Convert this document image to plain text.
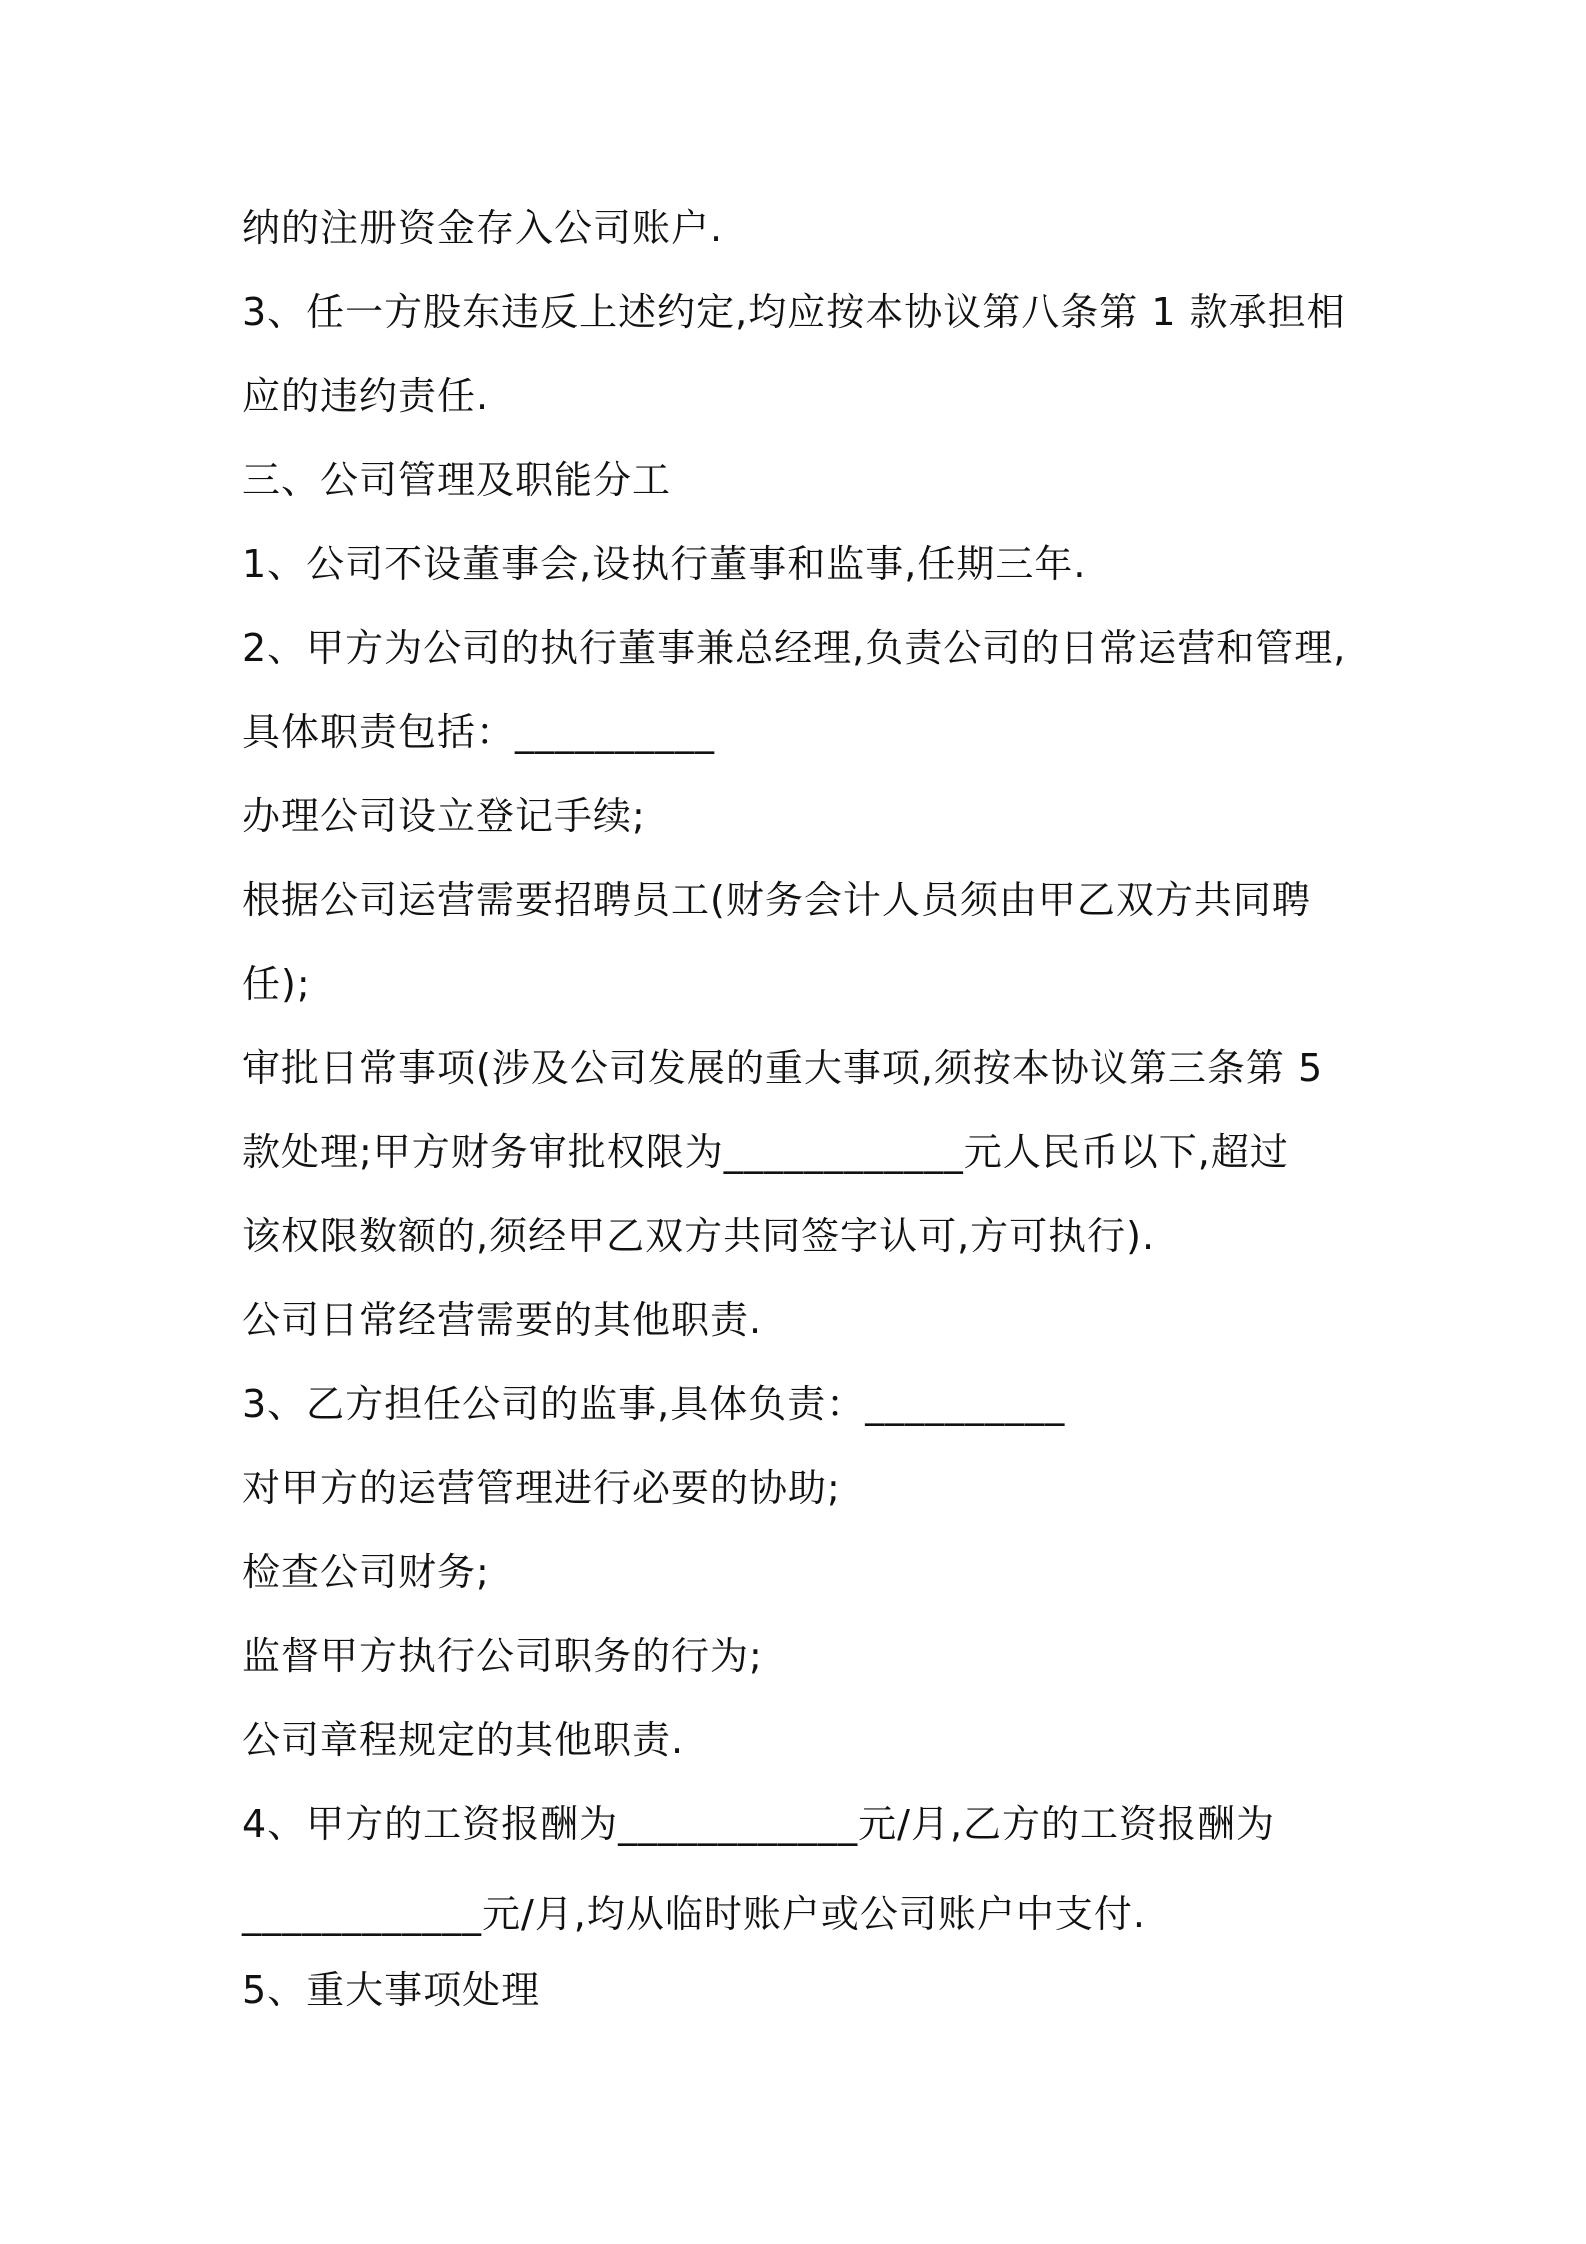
纳的注册资金存入公司账户.

3、任一方股东违反上述约定,均应按本协议第八条第 1 款承担相

应的违约责任.

三、公司管理及职能分工

1、公司不设董事会,设执行董事和监事,任期三年.

2、甲方为公司的执行董事兼总经理,负责公司的日常运营和管理,

具体职责包括：__________

办理公司设立登记手续;

根据公司运营需要招聘员工(财务会计人员须由甲乙双方共同聘

任);

审批日常事项(涉及公司发展的重大事项,须按本协议第三条第 5

款处理;甲方财务审批权限为____________元人民币以下,超过

该权限数额的,须经甲乙双方共同签字认可,方可执行).

公司日常经营需要的其他职责.

3、乙方担任公司的监事,具体负责：__________

对甲方的运营管理进行必要的协助;

检查公司财务;

监督甲方执行公司职务的行为;

公司章程规定的其他职责.

4、甲方的工资报酬为____________元/月,乙方的工资报酬为

____________元/月,均从临时账户或公司账户中支付.

5、重大事项处理
